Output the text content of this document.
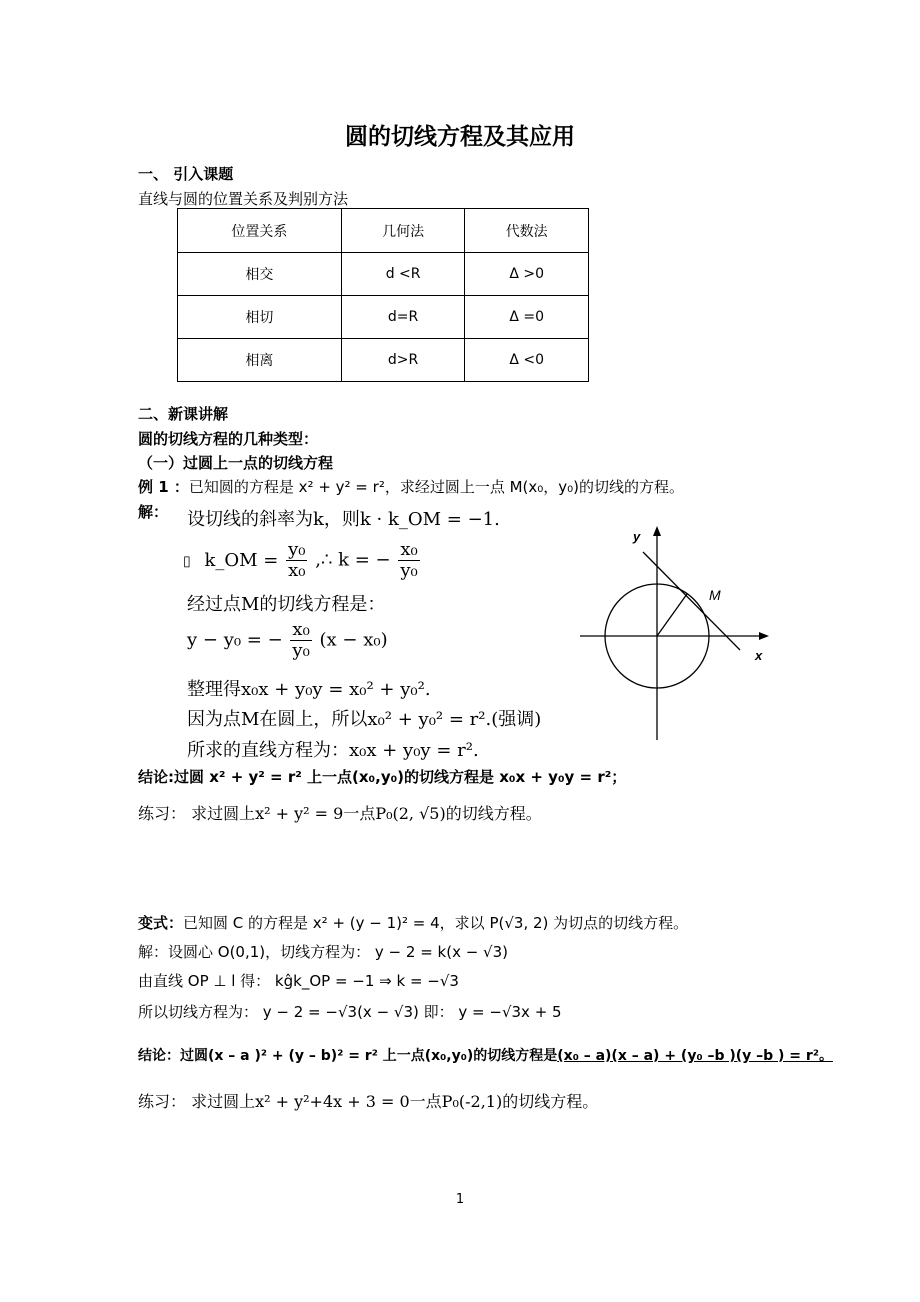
圆的切线方程及其应用
一、 引入课题
直线与圆的位置关系及判别方法
位置关系	几何法	代数法
相交	d <R	Δ >0
相切	d=R	Δ =0
相离	d>R	Δ <0
二、新课讲解
圆的切线方程的几种类型：
（一）过圆上一点的切线方程
例 1 ：已知圆的方程是 x² + y² = r²，求经过圆上一点 M(x₀，y₀)的切线的方程。
解： 设切线的斜率为k，则k · k_OM = −1.
▯ k_OM = $\frac{\text{y₀}}{\text{x₀}}$ ,∴ k = − $\frac{\text{x₀}}{\text{y₀}}$
经过点M的切线方程是：
y − y₀ = − $\frac{\text{x₀}}{\text{y₀}} (x - x_0)$
整理得x₀x + y₀y = x₀² + y₀².
因为点M在圆上，所以x₀² + y₀² = r².(强调)
所求的直线方程为：x₀x + y₀y = r².
结论:过圆 x² + y² = r² 上一点(x₀,y₀)的切线方程是 x₀x + y₀y = r²；
练习： 求过圆上x² + y² = 9一点P₀(2, √5)的切线方程。
y
x
M
变式：已知圆 C 的方程是 x² + (y − 1)² = 4，求以 P(√3, 2) 为切点的切线方程。
解：设圆心 O(0,1)，切线方程为： y − 2 = k(x − √3)
由直线 OP ⊥ l 得： kĝk_OP = −1 ⇒ k = −√3
所以切线方程为： y − 2 = −√3(x − √3) 即： y = −√3x + 5
结论：过圆(x – a )² + (y – b)² = r² 上一点(x₀,y₀)的切线方程是(x₀ – a)(x – a) + (y₀ –b )(y –b ) = r²。
练习： 求过圆上x² + y²+4x + 3 = 0一点P₀(-2,1)的切线方程。
1
